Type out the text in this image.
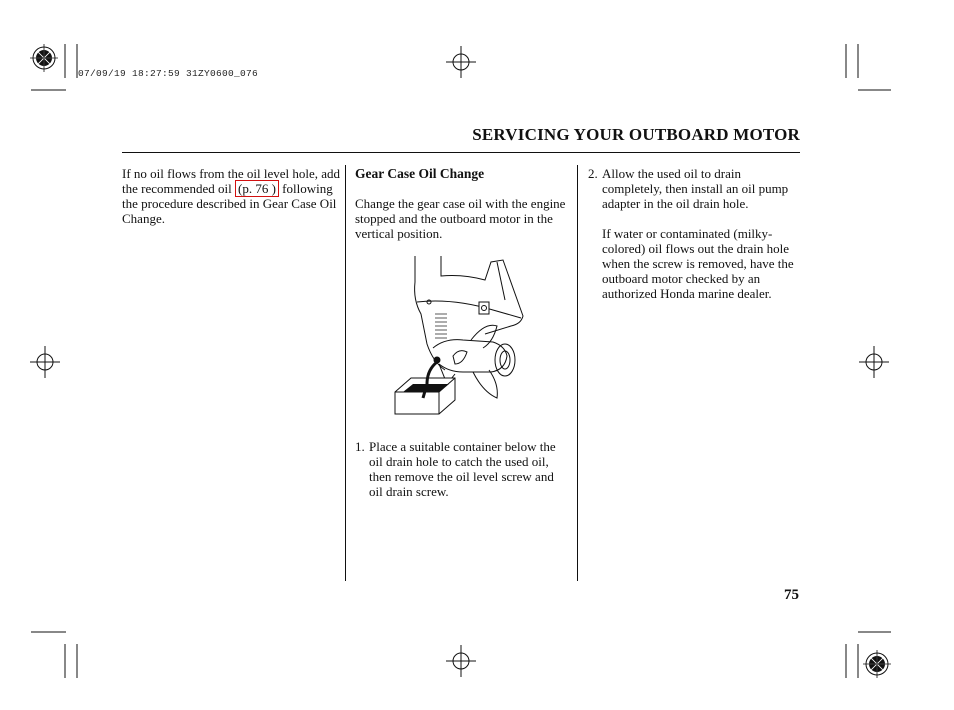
07/09/19 18:27:59 31ZY0600_076
SERVICING YOUR OUTBOARD MOTOR

If no oil flows from the oil level hole, add the recommended oil (p. 76 ) following the procedure described in Gear Case Oil Change.

Gear Case Oil Change

Change the gear case oil with the engine stopped and the outboard motor in the vertical position.

1. Place a suitable container below the oil drain hole to catch the used oil, then remove the oil level screw and oil drain screw.
2. Allow the used oil to drain completely, then install an oil pump adapter in the oil drain hole.

If water or contaminated (milky-colored) oil flows out the drain hole when the screw is removed, have the outboard motor checked by an authorized Honda marine dealer.

75
